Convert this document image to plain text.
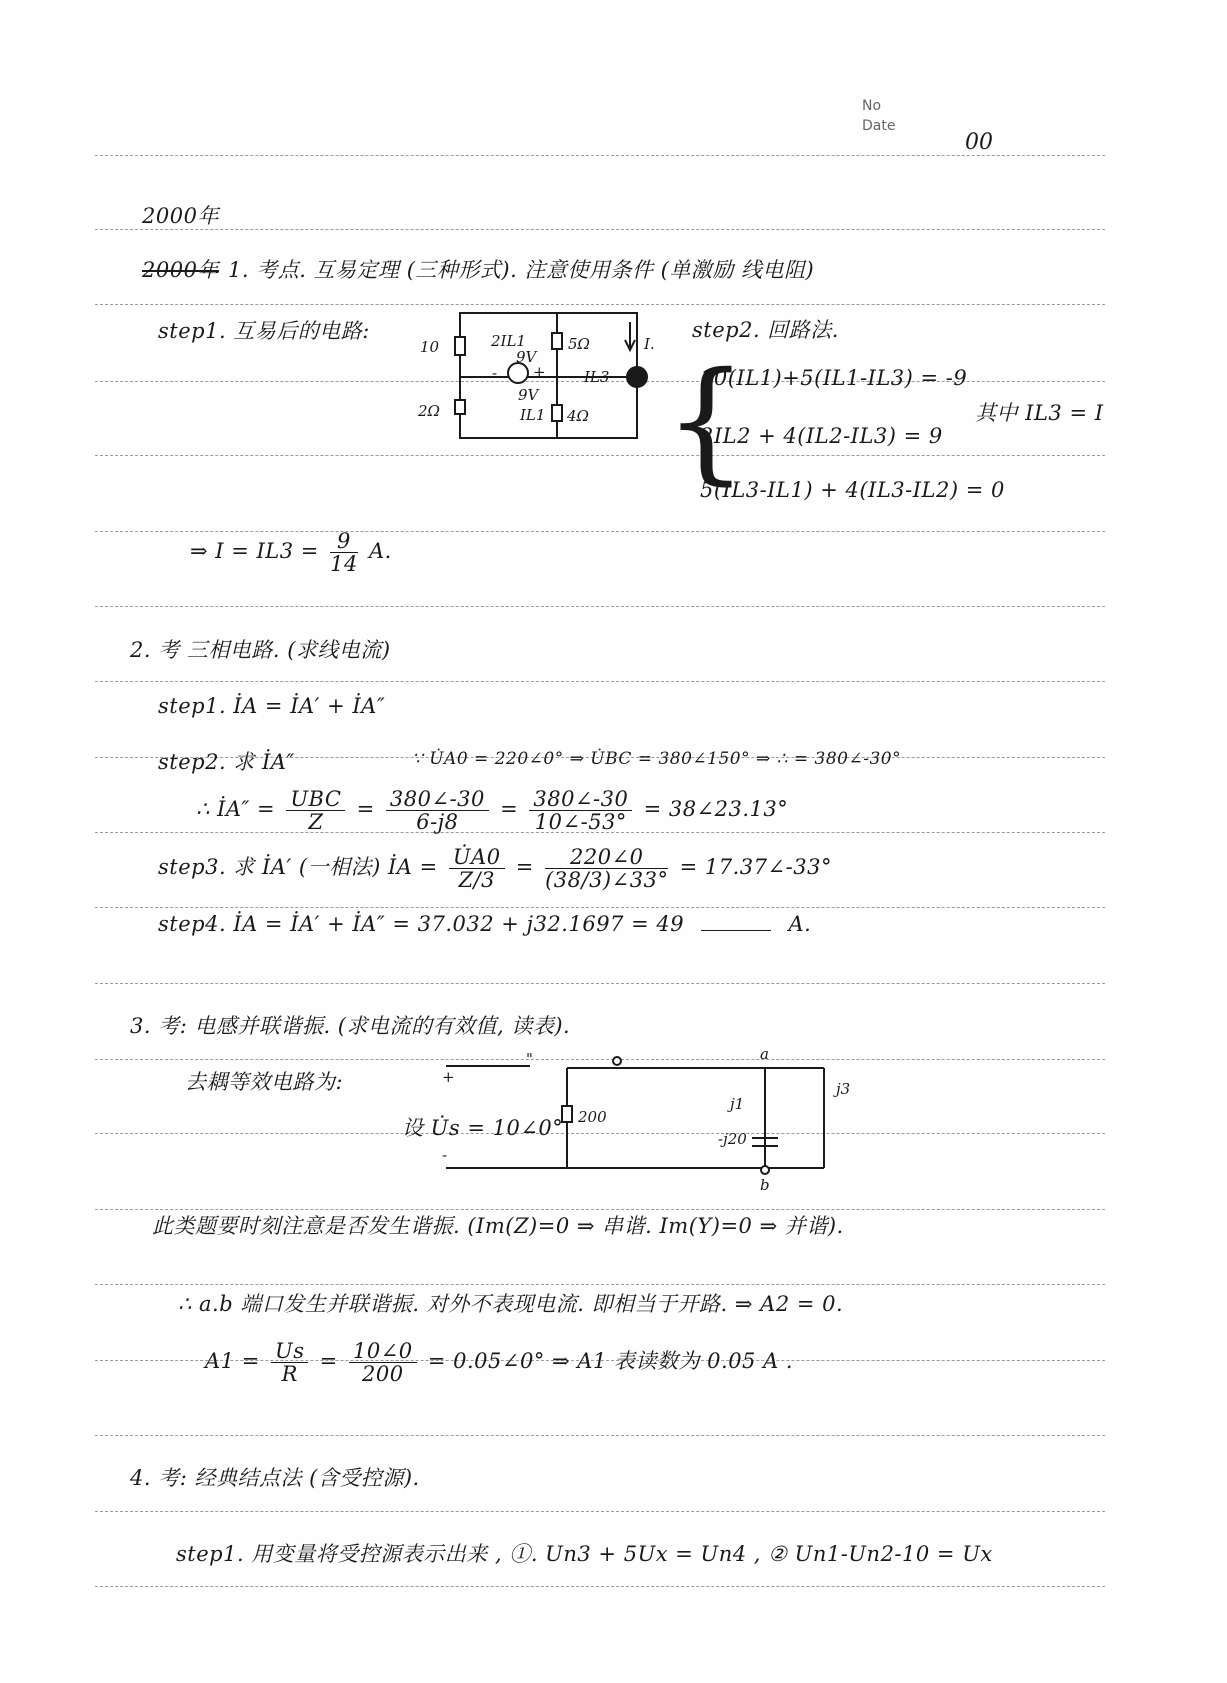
No
Date
00
2000年
2000年 1. 考点. 互易定理 (三种形式). 注意使用条件 (单激励 线电阻)
step1. 互易后的电路:
10
2Ω
5Ω
4Ω
2IL1
9V
- +
9V
I.
IL3
IL1
step2. 回路法.
{
10(IL1)+5(IL1-IL3) = -9
2IL2 + 4(IL2-IL3) = 9
5(IL3-IL1) + 4(IL3-IL2) = 0
其中 IL3 = I
⇒ $I = IL3 = \frac{9}{14} A$.
2. 考 三相电路. (求线电流)
step1. İA = İA′ + İA″
step2. 求 İA″	∵ U̇A0 = 220∠0° ⇒ U̇BC = 380∠150° ⇒ ∴ = 380∠-30°
∴ İA″ = $\frac{\text{UBC}}{Z} = \frac{380\angle-30}{6-j8} = \frac{380\angle-30}{10\angle-53^\circ}$ = 38∠23.13°
step3. 求 İA′ (一相法) İA = $\frac{U̇A0}{Z/3} = \frac{220\angle 0}{(38/3)\angle 33^\circ}$ = 17.37∠-33°
step4. İA = İA′ + İA″ = 37.032 + j32.1697 = 49	A.
3. 考: 电感并联谐振. (求电流的有效值, 读表).
去耦等效电路为:	+
-
"
设 U̇s = 10∠0° 200
a
b
j1
j3
-j20
此类题要时刻注意是否发生谐振. (Im(Z)=0 ⇒ 串谐. Im(Y)=0 ⇒ 并谐).
∴ a.b 端口发生并联谐振. 对外不表现电流. 即相当于开路. ⇒ A2 = 0.
$A1 = \frac{Us}{R} = \frac{10\angle 0}{200}$ = 0.05∠0° ⇒ A1 表读数为 0.05 A .
4. 考: 经典结点法 (含受控源).
step1. 用变量将受控源表示出来 , ①. Un3 + 5Ux = Un4 , ② Un1-Un2-10 = Ux
